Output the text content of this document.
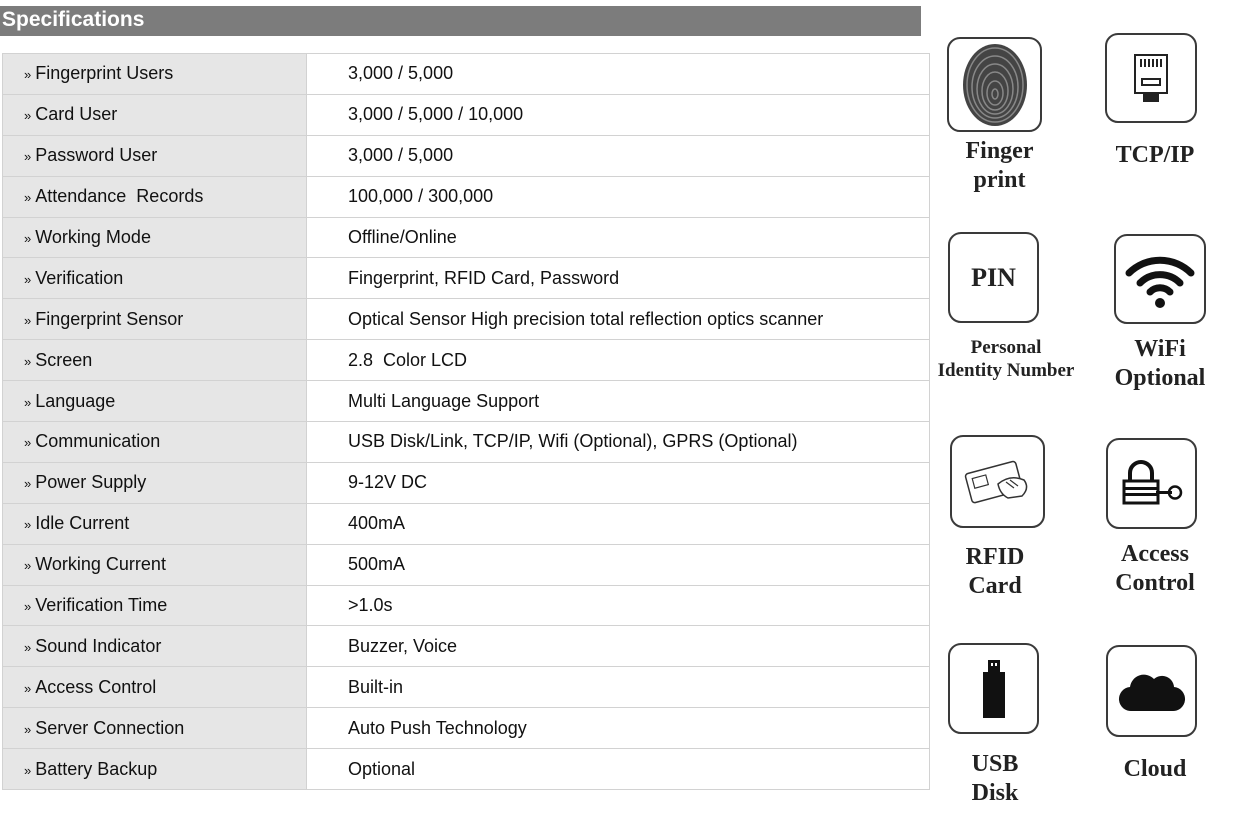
Specifications
» Fingerprint Users	3,000 / 5,000
» Card User	3,000 / 5,000 / 10,000
» Password User	3,000 / 5,000
» Attendance  Records	100,000 / 300,000
» Working Mode	Offline/Online
» Verification	Fingerprint, RFID Card, Password
» Fingerprint Sensor	Optical Sensor High precision total reflection optics scanner
» Screen	2.8  Color LCD
» Language	Multi Language Support
» Communication	USB Disk/Link, TCP/IP, Wifi (Optional), GPRS (Optional)
» Power Supply	9-12V DC
» Idle Current	400mA
» Working Current	500mA
» Verification Time	>1.0s
» Sound Indicator	Buzzer, Voice
» Access Control	Built-in
» Server Connection	Auto Push Technology
» Battery Backup	Optional
Finger
print
PIN
Personal
Identity Number
RFID
Card
USB
Disk
TCP/IP
WiFi
Optional
Access
Control
Cloud
